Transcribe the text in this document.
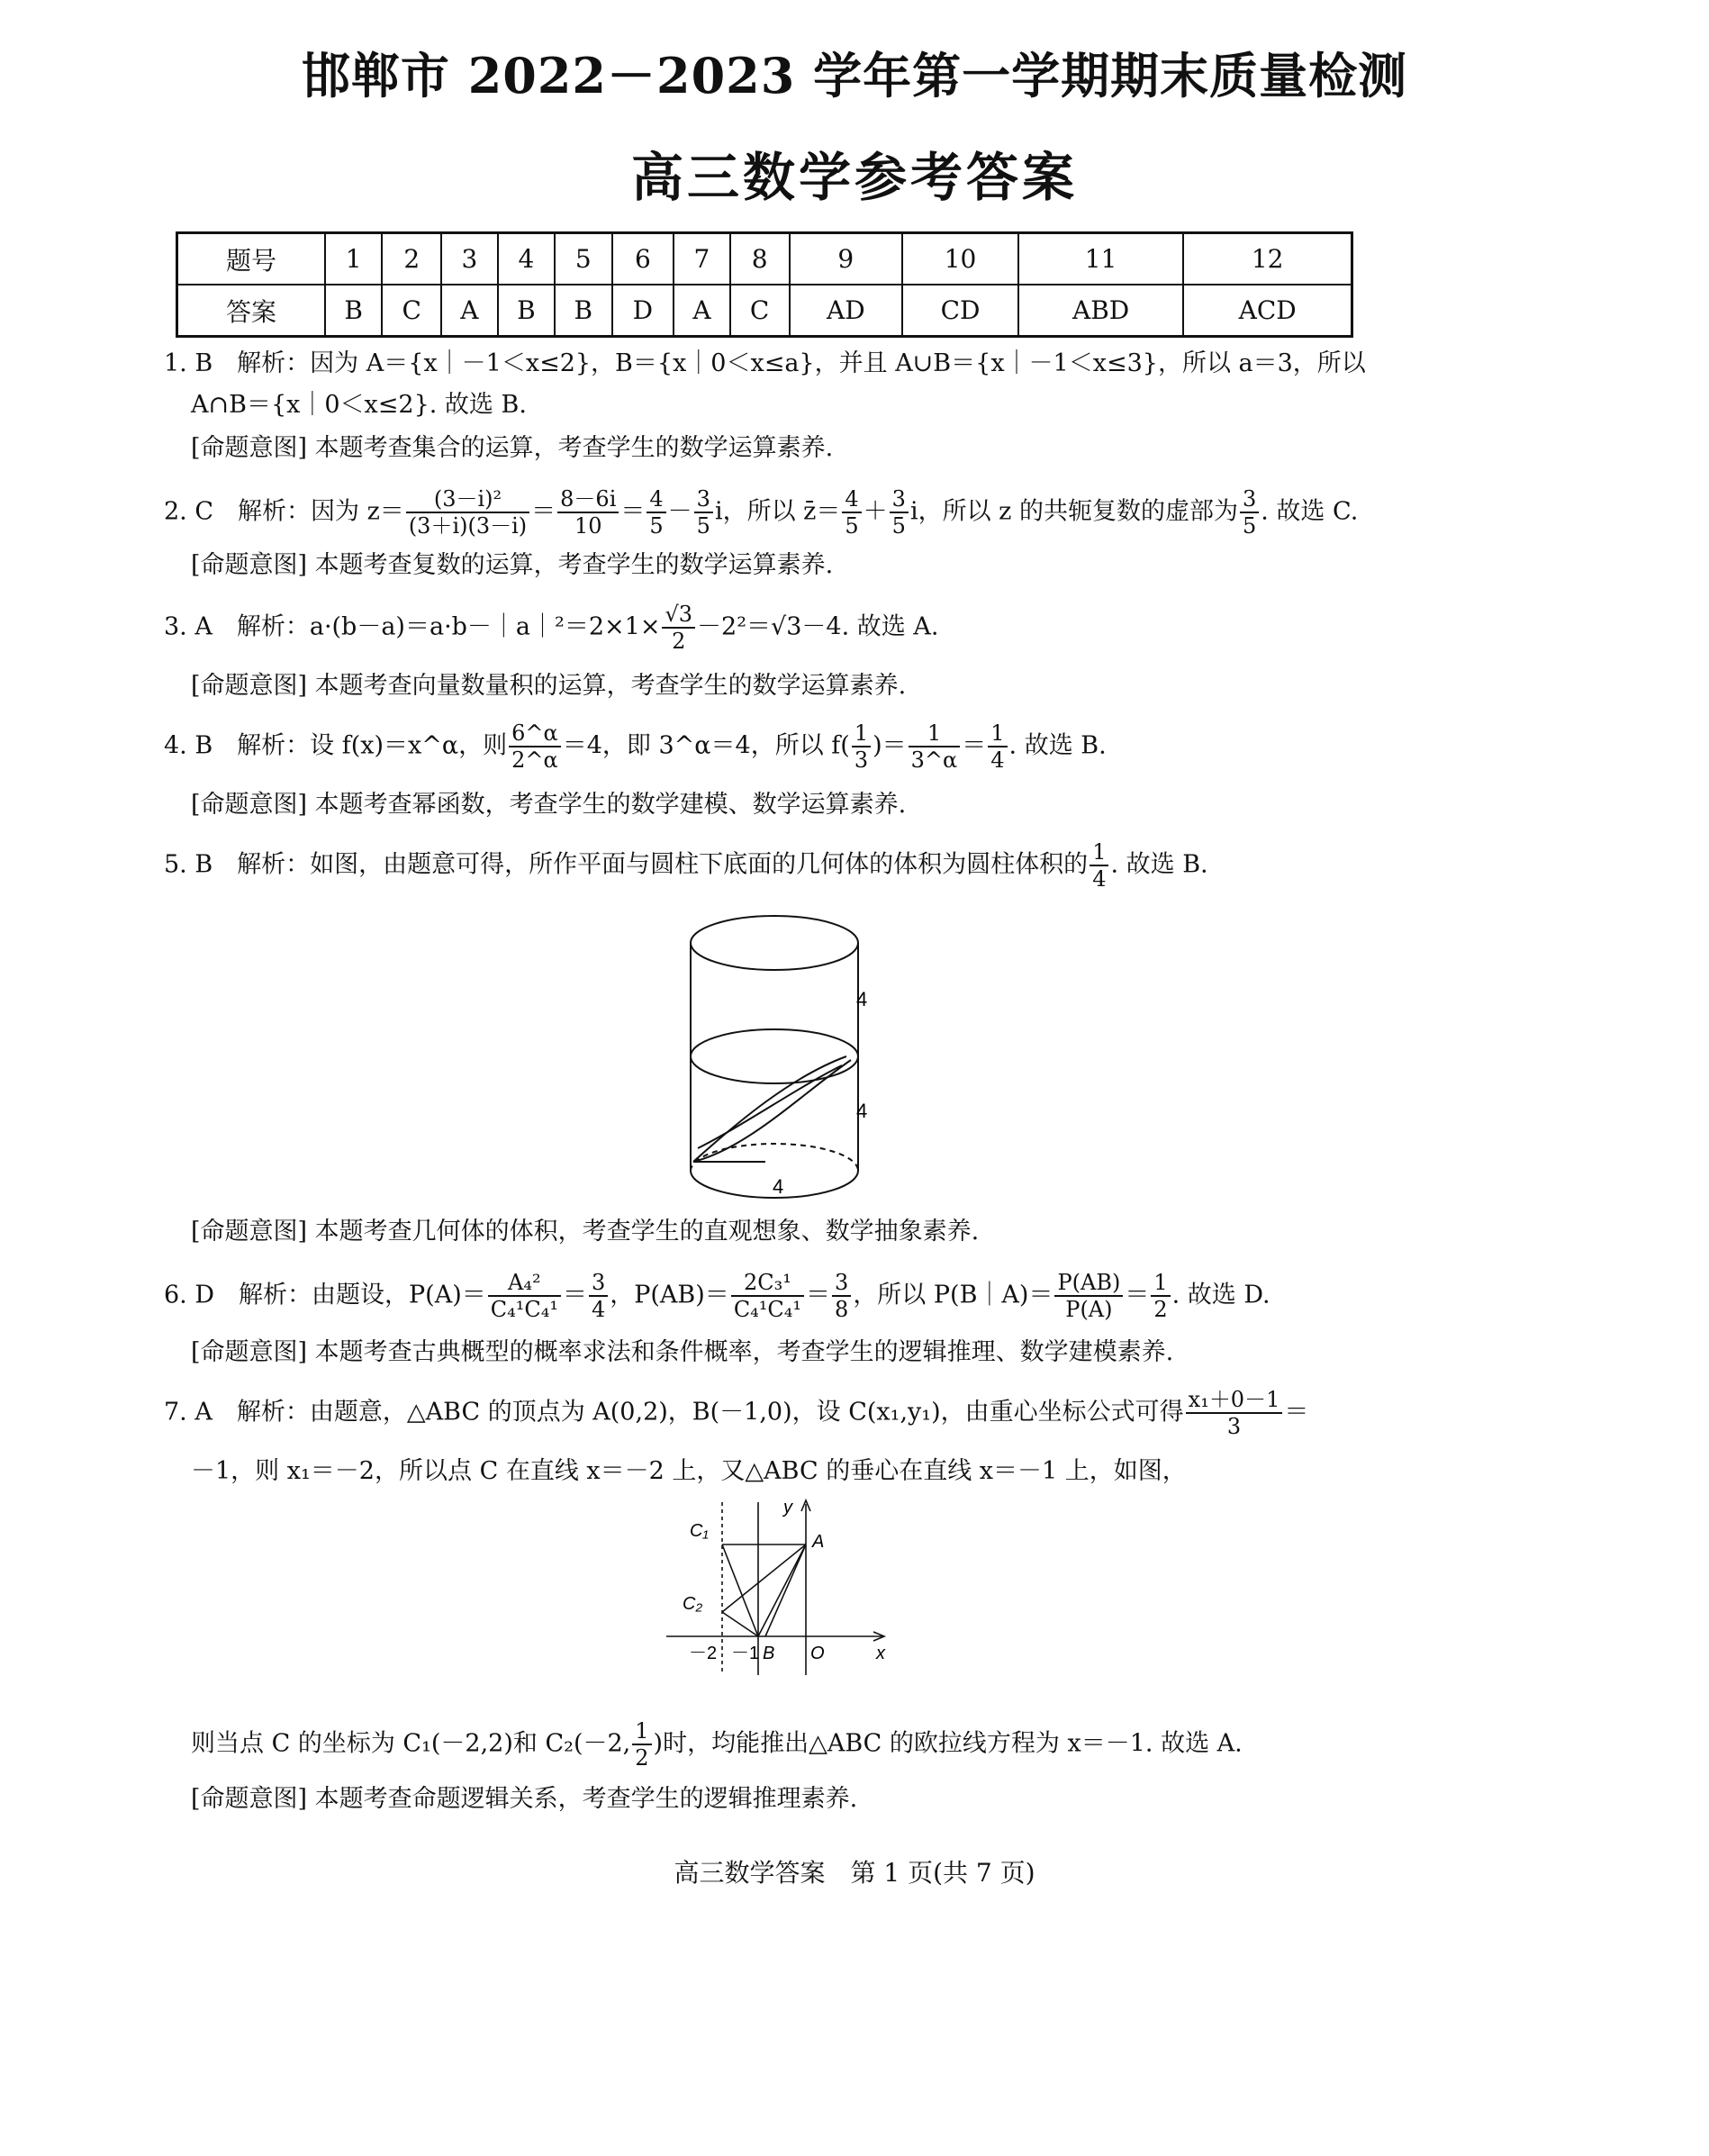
邯郸市 2022－2023 学年第一学期期末质量检测
高三数学参考答案
题号	1	2	3	4	5	6	7	8	9	10	11	12
答案	B	C	A	B	B	D	A	C	AD	CD	ABD	ACD
1. B　解析：因为 A＝{x｜－1＜x≤2}，B＝{x｜0＜x≤a}，并且 A∪B＝{x｜－1＜x≤3}，所以 a＝3，所以
A∩B＝{x｜0＜x≤2}. 故选 B.
[命题意图] 本题考查集合的运算，考查学生的数学运算素养.
2. C　解析：因为 $z= \frac{\text{(3－i)²}}{(3+i)(3-i)} = \frac{8-6i}{10} = \frac{4}{5} - \frac{3}{5}$ i，所以 z̄＝ $\frac{4}{5} + \frac{3}{5}$ i，所以 z 的共轭复数的虚部为 $\frac{3}{5}$ . 故选 C.
[命题意图] 本题考查复数的运算，考查学生的数学运算素养.
3. A　解析：a·(b－a)＝a·b－｜a｜²＝2×1× $\frac{√3}{2} -2^2=√3-4$. 故选 A.
[命题意图] 本题考查向量数量积的运算，考查学生的数学运算素养.
4. B　解析：设 f(x)＝x^α，则 $\frac{6\^{}\alpha}{2\^{}\alpha} =4$，即 3^α＝4，所以 $f( \frac{1}{3}$ )＝ $\frac{1}{3\^{}\alpha} = \frac{1}{4}$ . 故选 B.
[命题意图] 本题考查幂函数，考查学生的数学建模、数学运算素养.
5. B　解析：如图，由题意可得，所作平面与圆柱下底面的几何体的体积为圆柱体积的 $\frac{1}{4}$ . 故选 B.
4
4
4
[命题意图] 本题考查几何体的体积，考查学生的直观想象、数学抽象素养.
6. D　解析：由题设，$P(A)= \frac{\text{A₄²}}{\text{C₄¹C₄¹}} = \frac{3}{4}$ ，$P(AB)= \frac{\text{2C₃¹}}{\text{C₄¹C₄¹}} = \frac{3}{8}$ ，所以 P(B｜A)＝ $\frac{P(AB)}{P(A)} = \frac{1}{2}$ . 故选 D.
[命题意图] 本题考查古典概型的概率求法和条件概率，考查学生的逻辑推理、数学建模素养.
7. A　解析：由题意，△ABC 的顶点为 A(0,2)，B(－1,0)，设 C(x₁,y₁)，由重心坐标公式可得 $\frac{\text{x₁＋0－1}}{3}$ ＝
－1，则 x₁＝－2，所以点 C 在直线 x＝－2 上，又△ABC 的垂心在直线 x＝－1 上，如图，
y
x
A
C₁
C₂
B O
－2 －1
则当点 C 的坐标为 C₁(－2,2)和 C₂(－2, $\frac{1}{2}$ )时，均能推出△ABC 的欧拉线方程为 x＝－1. 故选 A.
[命题意图] 本题考查命题逻辑关系，考查学生的逻辑推理素养.
高三数学答案　第 1 页(共 7 页)
